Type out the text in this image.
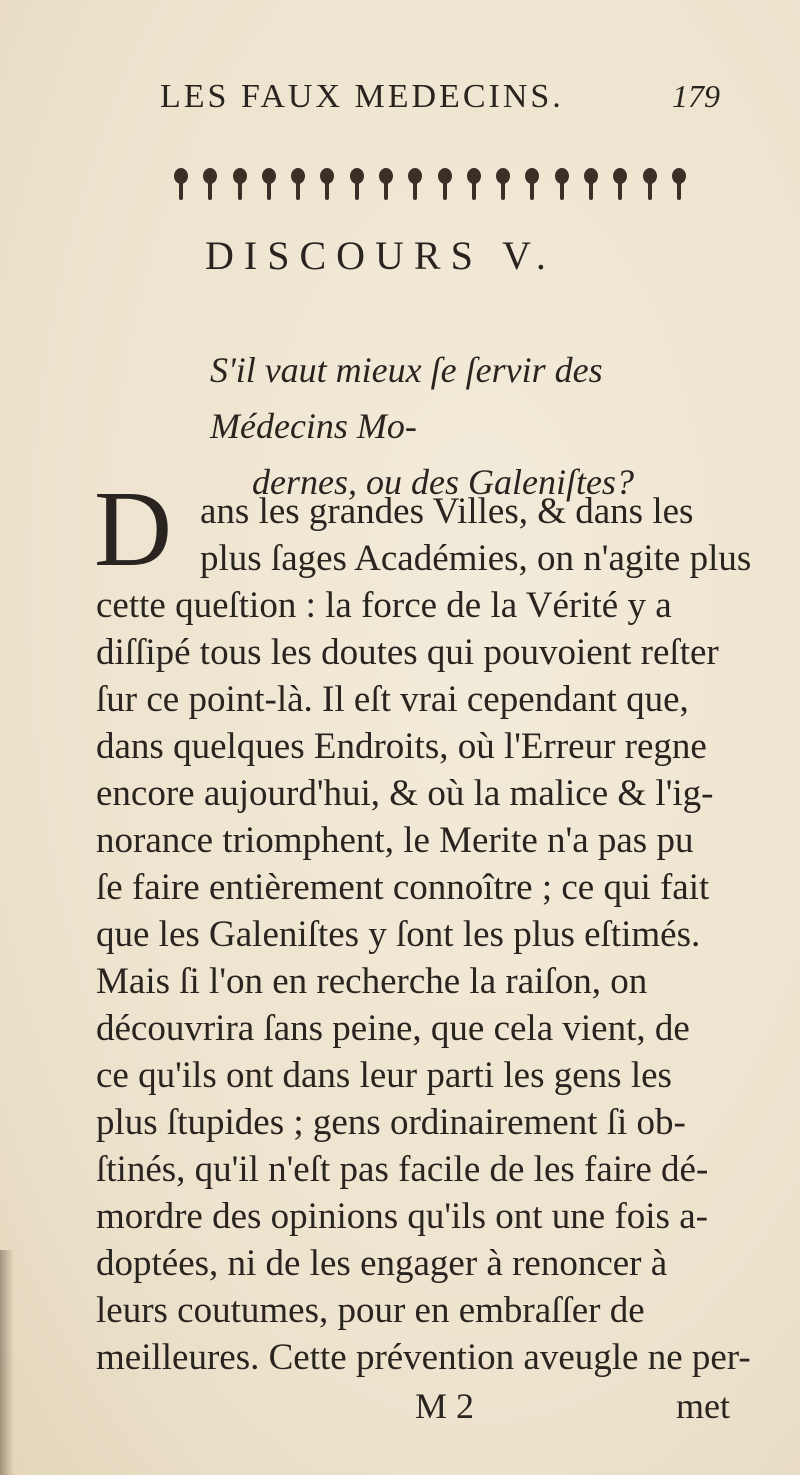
LES FAUX MEDECINS.	179
DISCOURS V.
S'il vaut mieux ſe ſervir des Médecins Mo-
dernes, ou des Galeniſtes?
D ans les grandes Villes, & dans les
plus ſages Académies, on n'agite plus
cette queſtion : la force de la Vérité y a
diſſipé tous les doutes qui pouvoient reſter
ſur ce point-là. Il eſt vrai cependant que,
dans quelques Endroits, où l'Erreur regne
encore aujourd'hui, & où la malice & l'ig-
norance triomphent, le Merite n'a pas pu
ſe faire entièrement connoître ; ce qui fait
que les Galeniſtes y ſont les plus eſtimés.
Mais ſi l'on en recherche la raiſon, on
découvrira ſans peine, que cela vient, de
ce qu'ils ont dans leur parti les gens les
plus ſtupides ; gens ordinairement ſi ob-
ſtinés, qu'il n'eſt pas facile de les faire dé-
mordre des opinions qu'ils ont une fois a-
doptées, ni de les engager à renoncer à
leurs coutumes, pour en embraſſer de
meilleures. Cette prévention aveugle ne per-
M 2	met
